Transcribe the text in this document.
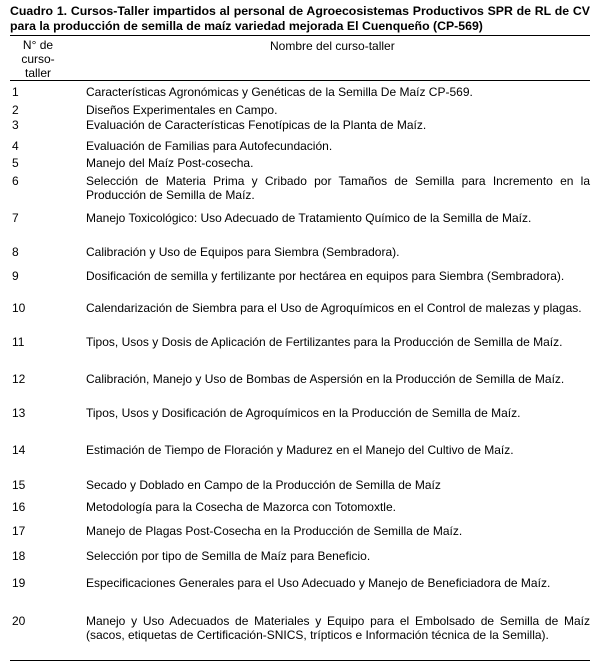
Cuadro 1. Cursos-Taller impartidos al personal de Agroecosistemas Productivos SPR de RL de CV para la producción de semilla de maíz variedad mejorada El Cuenqueño (CP-569)
N° de curso-taller
Nombre del curso-taller
1	Características Agronómicas y Genéticas de la Semilla De Maíz CP-569.
2	Diseños Experimentales en Campo.
3	Evaluación de Características Fenotípicas de la Planta de Maíz.
4	Evaluación de Familias para Autofecundación.
5	Manejo del Maíz Post-cosecha.
6	Selección de Materia Prima y Cribado por Tamaños de Semilla para Incremento en la Producción de Semilla de Maíz.
7	Manejo Toxicológico: Uso Adecuado de Tratamiento Químico de la Semilla de Maíz.
8	Calibración y Uso de Equipos para Siembra (Sembradora).
9	Dosificación de semilla y fertilizante por hectárea en equipos para Siembra (Sembradora).
10	Calendarización de Siembra para el Uso de Agroquímicos en el Control de malezas y plagas.
11	Tipos, Usos y Dosis de Aplicación de Fertilizantes para la Producción de Semilla de Maíz.
12	Calibración, Manejo y Uso de Bombas de Aspersión en la Producción de Semilla de Maíz.
13	Tipos, Usos y Dosificación de Agroquímicos en la Producción de Semilla de Maíz.
14	Estimación de Tiempo de Floración y Madurez en el Manejo del Cultivo de Maíz.
15	Secado y Doblado en Campo de la Producción de Semilla de Maíz
16	Metodología para la Cosecha de Mazorca con Totomoxtle.
17	Manejo de Plagas Post-Cosecha en la Producción de Semilla de Maíz.
18	Selección por tipo de Semilla de Maíz para Beneficio.
19	Especificaciones Generales para el Uso Adecuado y Manejo de Beneficiadora de Maíz.
20	Manejo y Uso Adecuados de Materiales y Equipo para el Embolsado de Semilla de Maíz (sacos, etiquetas de Certificación-SNICS, trípticos e Información técnica de la Semilla).
